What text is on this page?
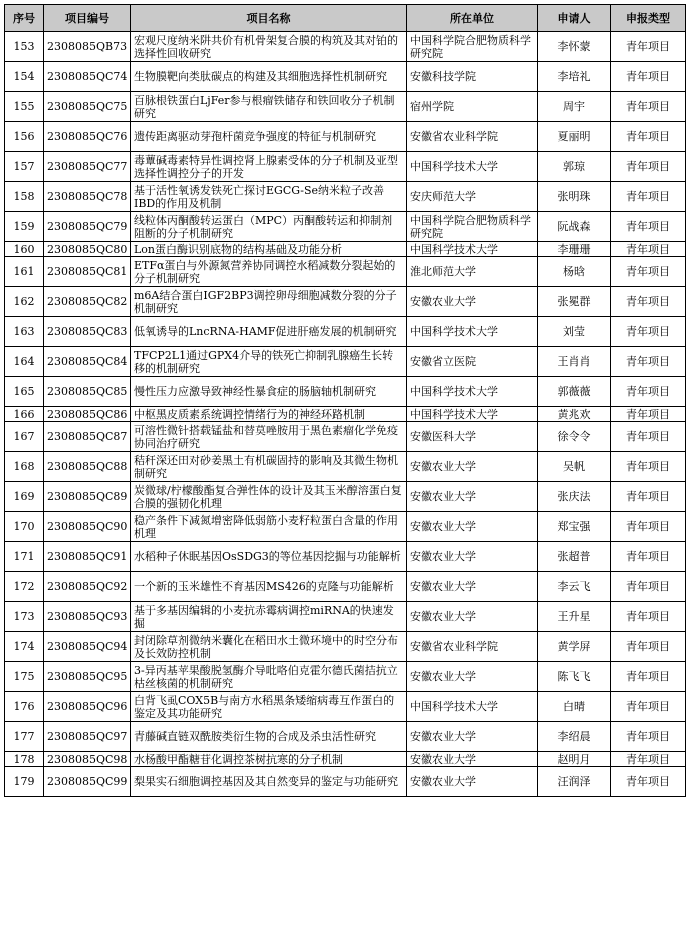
序号	项目编号	项目名称	所在单位	申请人	申报类型
153	2308085QB73	宏观尺度纳米阱共价有机骨架复合膜的构筑及其对铂的选择性回收研究	中国科学院合肥物质科学研究院	李怀蒙	青年项目
154	2308085QC74	生物膜靶向类肽碳点的构建及其细胞选择性机制研究	安徽科技学院	李培礼	青年项目
155	2308085QC75	百脉根铁蛋白LjFer参与根瘤铁储存和铁回收分子机制研究	宿州学院	周宇	青年项目
156	2308085QC76	遗传距离驱动芽孢杆菌竞争强度的特征与机制研究	安徽省农业科学院	夏丽明	青年项目
157	2308085QC77	毒蕈碱毒素特异性调控肾上腺素受体的分子机制及亚型选择性调控分子的开发	中国科学技术大学	郭琼	青年项目
158	2308085QC78	基于活性氧诱发铁死亡探讨EGCG-Se纳米粒子改善IBD的作用及机制	安庆师范大学	张明珠	青年项目
159	2308085QC79	线粒体丙酮酸转运蛋白（MPC）丙酮酸转运和抑制剂阻断的分子机制研究	中国科学院合肥物质科学研究院	阮战森	青年项目
160	2308085QC80	Lon蛋白酶识别底物的结构基础及功能分析	中国科学技术大学	李珊珊	青年项目
161	2308085QC81	ETFα蛋白与外源氮营养协同调控水稻减数分裂起始的分子机制研究	淮北师范大学	杨晗	青年项目
162	2308085QC82	m6A结合蛋白IGF2BP3调控卵母细胞减数分裂的分子机制研究	安徽农业大学	张冕群	青年项目
163	2308085QC83	低氧诱导的LncRNA-HAMF促进肝癌发展的机制研究	中国科学技术大学	刘莹	青年项目
164	2308085QC84	TFCP2L1通过GPX4介导的铁死亡抑制乳腺癌生长转移的机制研究	安徽省立医院	王肖肖	青年项目
165	2308085QC85	慢性压力应激导致神经性暴食症的肠脑轴机制研究	中国科学技术大学	郭薇薇	青年项目
166	2308085QC86	中枢黑皮质素系统调控情绪行为的神经环路机制	中国科学技术大学	黄兆欢	青年项目
167	2308085QC87	可溶性微针搭载锰盐和替莫唑胺用于黑色素瘤化学免疫协同治疗研究	安徽医科大学	徐令令	青年项目
168	2308085QC88	秸秆深还田对砂姜黑土有机碳固持的影响及其微生物机制研究	安徽农业大学	吴帆	青年项目
169	2308085QC89	炭微球/柠檬酸酯复合弹性体的设计及其玉米醇溶蛋白复合膜的强韧化机理	安徽农业大学	张庆法	青年项目
170	2308085QC90	稳产条件下减氮增密降低弱筋小麦籽粒蛋白含量的作用机理	安徽农业大学	郑宝强	青年项目
171	2308085QC91	水稻种子休眠基因OsSDG3的等位基因挖掘与功能解析	安徽农业大学	张超普	青年项目
172	2308085QC92	一个新的玉米雄性不育基因MS426的克隆与功能解析	安徽农业大学	李云飞	青年项目
173	2308085QC93	基于多基因编辑的小麦抗赤霉病调控miRNA的快速发掘	安徽农业大学	王升星	青年项目
174	2308085QC94	封闭除草剂微纳米囊化在稻田水土微环境中的时空分布及长效防控机制	安徽省农业科学院	黄学屏	青年项目
175	2308085QC95	3-异丙基苹果酸脱氢酶介导吡咯伯克霍尔德氏菌拮抗立枯丝核菌的机制研究	安徽农业大学	陈飞飞	青年项目
176	2308085QC96	白背飞虱COX5B与南方水稻黑条矮缩病毒互作蛋白的鉴定及其功能研究	中国科学技术大学	白晴	青年项目
177	2308085QC97	青藤碱直链双酰胺类衍生物的合成及杀虫活性研究	安徽农业大学	李绍晨	青年项目
178	2308085QC98	水杨酸甲酯糖苷化调控茶树抗寒的分子机制	安徽农业大学	赵明月	青年项目
179	2308085QC99	梨果实石细胞调控基因及其自然变异的鉴定与功能研究	安徽农业大学	汪润泽	青年项目
